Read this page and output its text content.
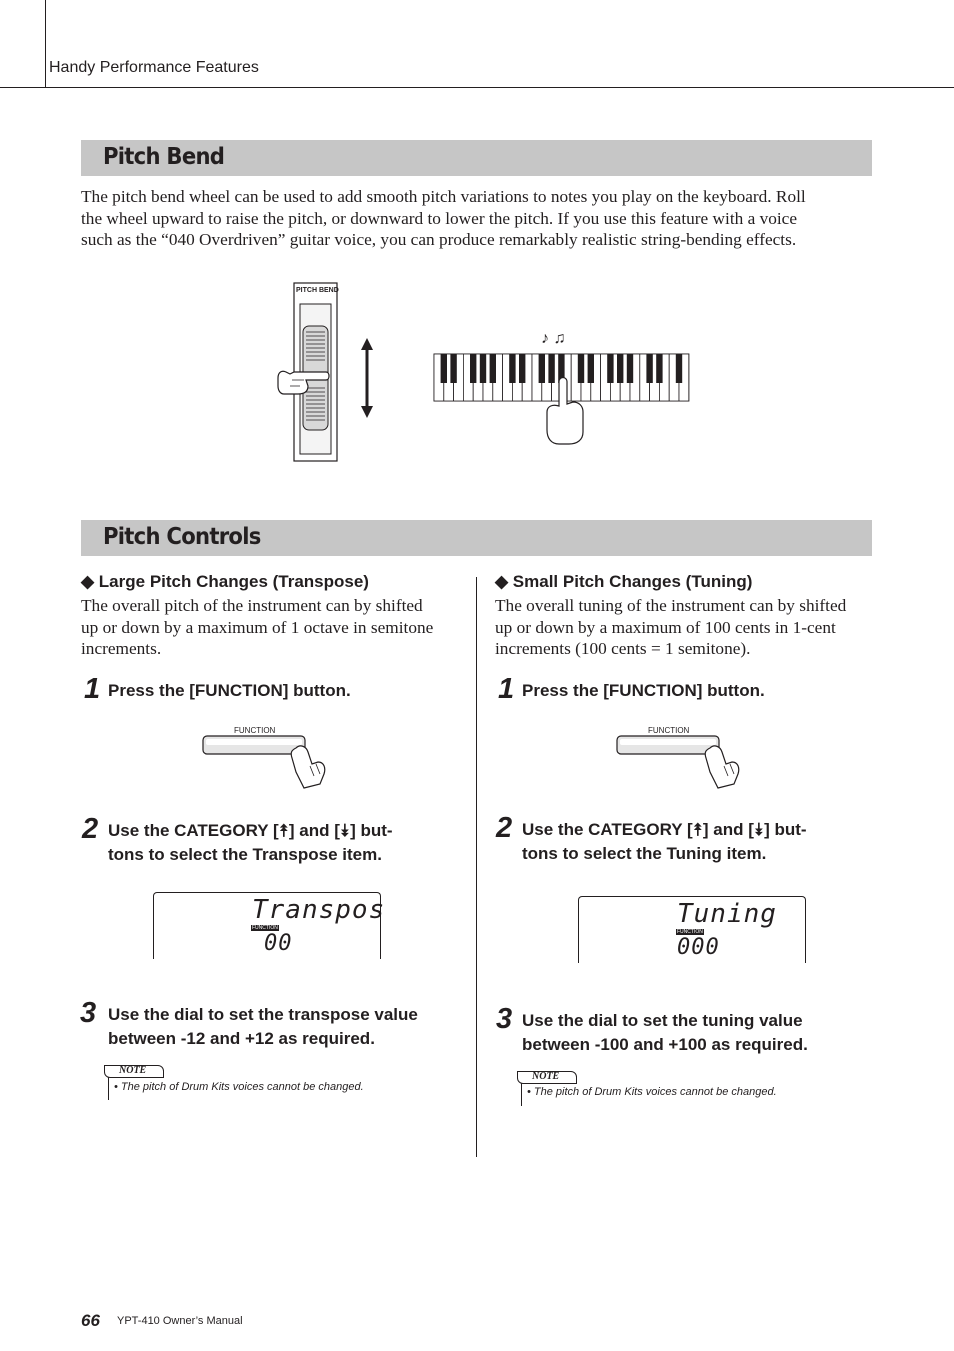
Handy Performance Features
Pitch Bend
The pitch bend wheel can be used to add smooth pitch variations to notes you play on the keyboard. Roll
the wheel upward to raise the pitch, or downward to lower the pitch. If you use this feature with a voice
such as the “040 Overdriven” guitar voice, you can produce remarkably realistic string-bending effects.
PITCH BEND
♪ ♫
Pitch Controls
◆ Large Pitch Changes (Transpose)
The overall pitch of the instrument can by shifted
up or down by a maximum of 1 octave in semitone
increments.
1 Press the [FUNCTION] button.
FUNCTION
2 Use the CATEGORY [⯭] and [⯯] but-
tons to select the Transpose item.
Transpos
FUNCTION
00
3 Use the dial to set the transpose value
between -12 and +12 as required.
NOTE
• The pitch of Drum Kits voices cannot be changed.
◆ Small Pitch Changes (Tuning)
The overall tuning of the instrument can by shifted
up or down by a maximum of 100 cents in 1-cent
increments (100 cents = 1 semitone).
1 Press the [FUNCTION] button.
FUNCTION
2 Use the CATEGORY [⯭] and [⯯] but-
tons to select the Tuning item.
Tuning
FUNCTION
000
3 Use the dial to set the tuning value
between -100 and +100 as required.
NOTE
• The pitch of Drum Kits voices cannot be changed.
66 YPT-410 Owner’s Manual
